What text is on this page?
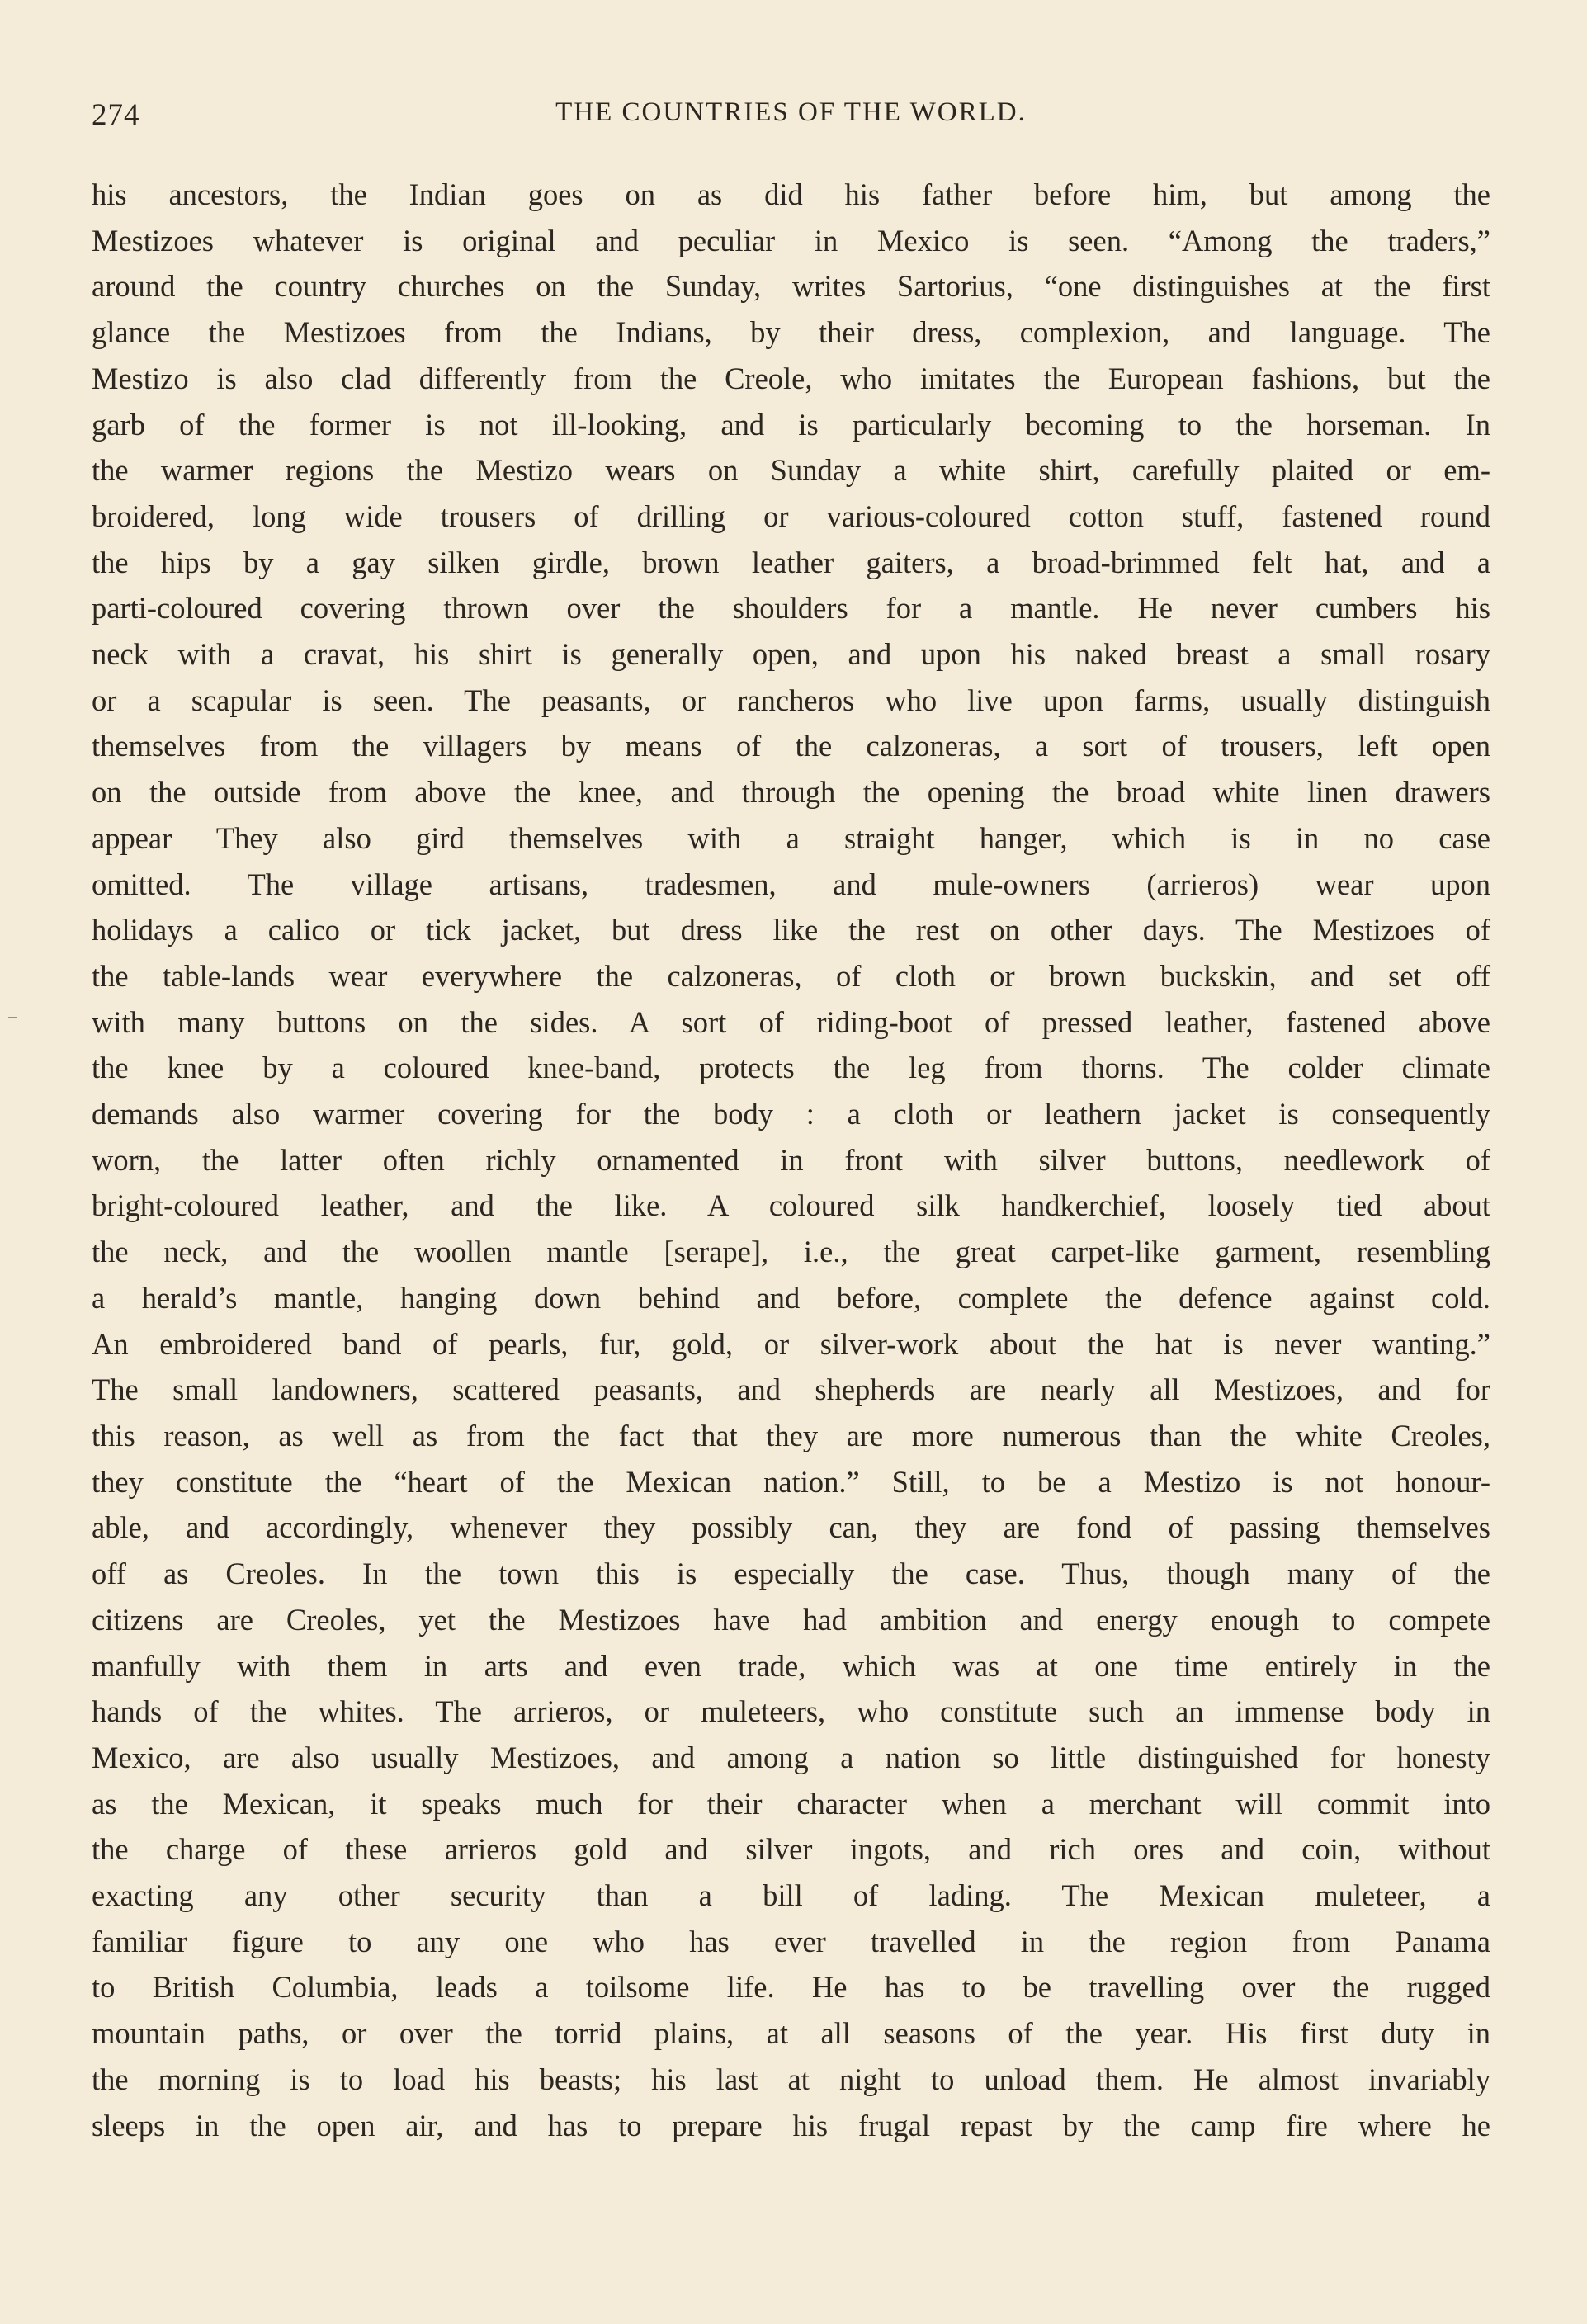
274	THE COUNTRIES OF THE WORLD.
his ancestors, the Indian goes on as did his father before him, but among the
Mestizoes whatever is original and peculiar in Mexico is seen. “Among the traders,”
around the country churches on the Sunday, writes Sartorius, “one distinguishes at the first
glance the Mestizoes from the Indians, by their dress, complexion, and language. The
Mestizo is also clad differently from the Creole, who imitates the European fashions, but the
garb of the former is not ill-looking, and is particularly becoming to the horseman. In
the warmer regions the Mestizo wears on Sunday a white shirt, carefully plaited or em-
broidered, long wide trousers of drilling or various-coloured cotton stuff, fastened round
the hips by a gay silken girdle, brown leather gaiters, a broad-brimmed felt hat, and a
parti-coloured covering thrown over the shoulders for a mantle. He never cumbers his
neck with a cravat, his shirt is generally open, and upon his naked breast a small rosary
or a scapular is seen. The peasants, or rancheros who live upon farms, usually distinguish
themselves from the villagers by means of the calzoneras, a sort of trousers, left open
on the outside from above the knee, and through the opening the broad white linen drawers
appear They also gird themselves with a straight hanger, which is in no case
omitted. The village artisans, tradesmen, and mule-owners (arrieros) wear upon
holidays a calico or tick jacket, but dress like the rest on other days. The Mestizoes of
the table-lands wear everywhere the calzoneras, of cloth or brown buckskin, and set off
with many buttons on the sides. A sort of riding-boot of pressed leather, fastened above
the knee by a coloured knee-band, protects the leg from thorns. The colder climate
demands also warmer covering for the body : a cloth or leathern jacket is consequently
worn, the latter often richly ornamented in front with silver buttons, needlework of
bright-coloured leather, and the like. A coloured silk handkerchief, loosely tied about
the neck, and the woollen mantle [serape], i.e., the great carpet-like garment, resembling
a herald’s mantle, hanging down behind and before, complete the defence against cold.
An embroidered band of pearls, fur, gold, or silver-work about the hat is never wanting.”
The small landowners, scattered peasants, and shepherds are nearly all Mestizoes, and for
this reason, as well as from the fact that they are more numerous than the white Creoles,
they constitute the “heart of the Mexican nation.” Still, to be a Mestizo is not honour-
able, and accordingly, whenever they possibly can, they are fond of passing themselves
off as Creoles. In the town this is especially the case. Thus, though many of the
citizens are Creoles, yet the Mestizoes have had ambition and energy enough to compete
manfully with them in arts and even trade, which was at one time entirely in the
hands of the whites. The arrieros, or muleteers, who constitute such an immense body in
Mexico, are also usually Mestizoes, and among a nation so little distinguished for honesty
as the Mexican, it speaks much for their character when a merchant will commit into
the charge of these arrieros gold and silver ingots, and rich ores and coin, without
exacting any other security than a bill of lading. The Mexican muleteer, a
familiar figure to any one who has ever travelled in the region from Panama
to British Columbia, leads a toilsome life. He has to be travelling over the rugged
mountain paths, or over the torrid plains, at all seasons of the year. His first duty in
the morning is to load his beasts; his last at night to unload them. He almost invariably
sleeps in the open air, and has to prepare his frugal repast by the camp fire where he
